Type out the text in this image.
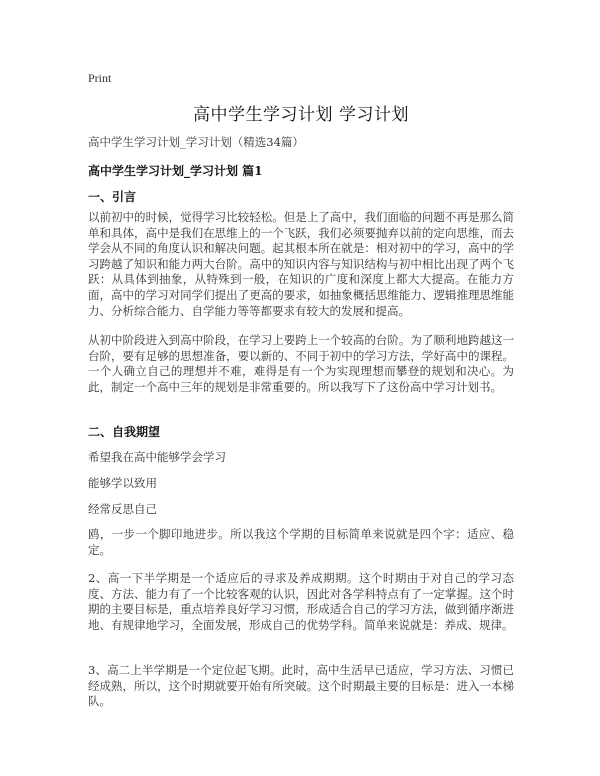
Print
高中学生学习计划 学习计划
高中学生学习计划_学习计划（精选34篇）
高中学生学习计划_学习计划 篇1
一、引言

以前初中的时候，觉得学习比较轻松。但是上了高中，我们面临的问题不再是那么简单和具体，高中是我们在思维上的一个飞跃，我们必须要抛弃以前的定向思维，而去学会从不同的角度认识和解决问题。起其根本所在就是：相对初中的学习，高中的学习跨越了知识和能力两大台阶。高中的知识内容与知识结构与初中相比出现了两个飞跃：从具体到抽象，从特殊到一般，在知识的广度和深度上都大大提高。在能力方面，高中的学习对同学们提出了更高的要求，如抽象概括思维能力、逻辑推理思维能力、分析综合能力、自学能力等等都要求有较大的发展和提高。

从初中阶段进入到高中阶段，在学习上要跨上一个较高的台阶。为了顺利地跨越这一台阶，要有足够的思想准备，要以新的、不同于初中的学习方法，学好高中的课程。一个人确立自己的理想并不难，难得是有一个为实现理想而攀登的规划和决心。为此，制定一个高中三年的规划是非常重要的。所以我写下了这份高中学习计划书。

二、自我期望
希望我在高中能够学会学习
能够学以致用
经常反思自己

鸥，一步一个脚印地进步。所以我这个学期的目标简单来说就是四个字：适应、稳定。

2、高一下半学期是一个适应后的寻求及养成期期。这个时期由于对自己的学习态度、方法、能力有了一个比较客观的认识，因此对各学科特点有了一定掌握。这个时期的主要目标是，重点培养良好学习习惯，形成适合自己的学习方法，做到循序渐进地、有规律地学习，全面发展，形成自己的优势学科。简单来说就是：养成、规律。

3、高二上半学期是一个定位起飞期。此时，高中生活早已适应，学习方法、习惯已经成熟，所以，这个时期就要开始有所突破。这个时期最主要的目标是：进入一本梯队。
